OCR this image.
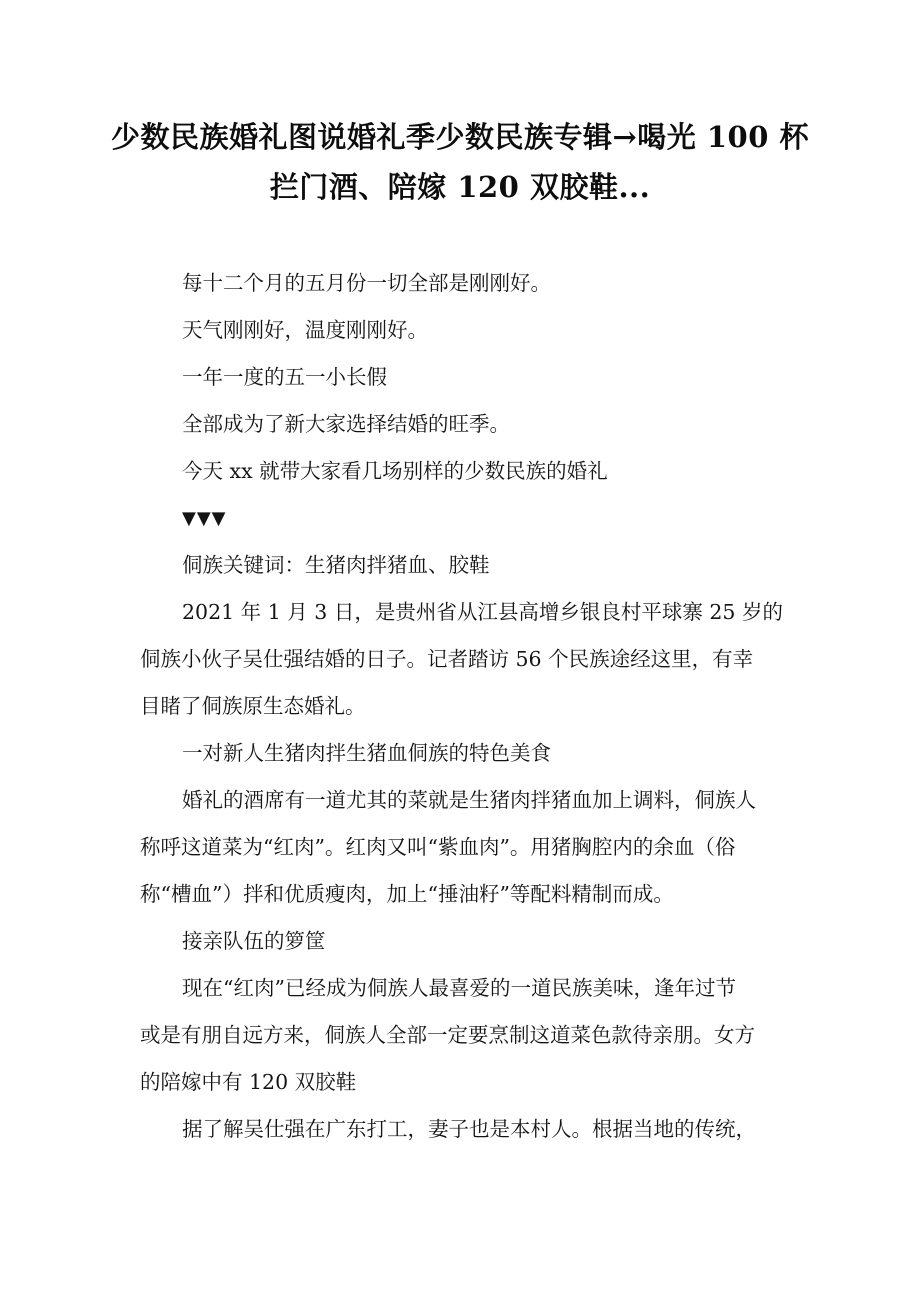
少数民族婚礼图说婚礼季少数民族专辑→喝光 100 杯
拦门酒、陪嫁 120 双胶鞋...

每十二个月的五月份一切全部是刚刚好。

天气刚刚好，温度刚刚好。

一年一度的五一小长假

全部成为了新大家选择结婚的旺季。

今天 xx 就带大家看几场别样的少数民族的婚礼

▼▼▼

侗族关键词：生猪肉拌猪血、胶鞋

2021 年 1 月 3 日，是贵州省从江县高增乡银良村平球寨 25 岁的

侗族小伙子吴仕强结婚的日子。记者踏访 56 个民族途经这里，有幸

目睹了侗族原生态婚礼。

一对新人生猪肉拌生猪血侗族的特色美食

婚礼的酒席有一道尤其的菜就是生猪肉拌猪血加上调料，侗族人

称呼这道菜为“红肉”。红肉又叫“紫血肉”。用猪胸腔内的余血（俗

称“槽血”）拌和优质瘦肉，加上“捶油籽”等配料精制而成。

接亲队伍的箩筐

现在“红肉”已经成为侗族人最喜爱的一道民族美味，逢年过节

或是有朋自远方来，侗族人全部一定要烹制这道菜色款待亲朋。女方

的陪嫁中有 120 双胶鞋

据了解吴仕强在广东打工，妻子也是本村人。根据当地的传统，
